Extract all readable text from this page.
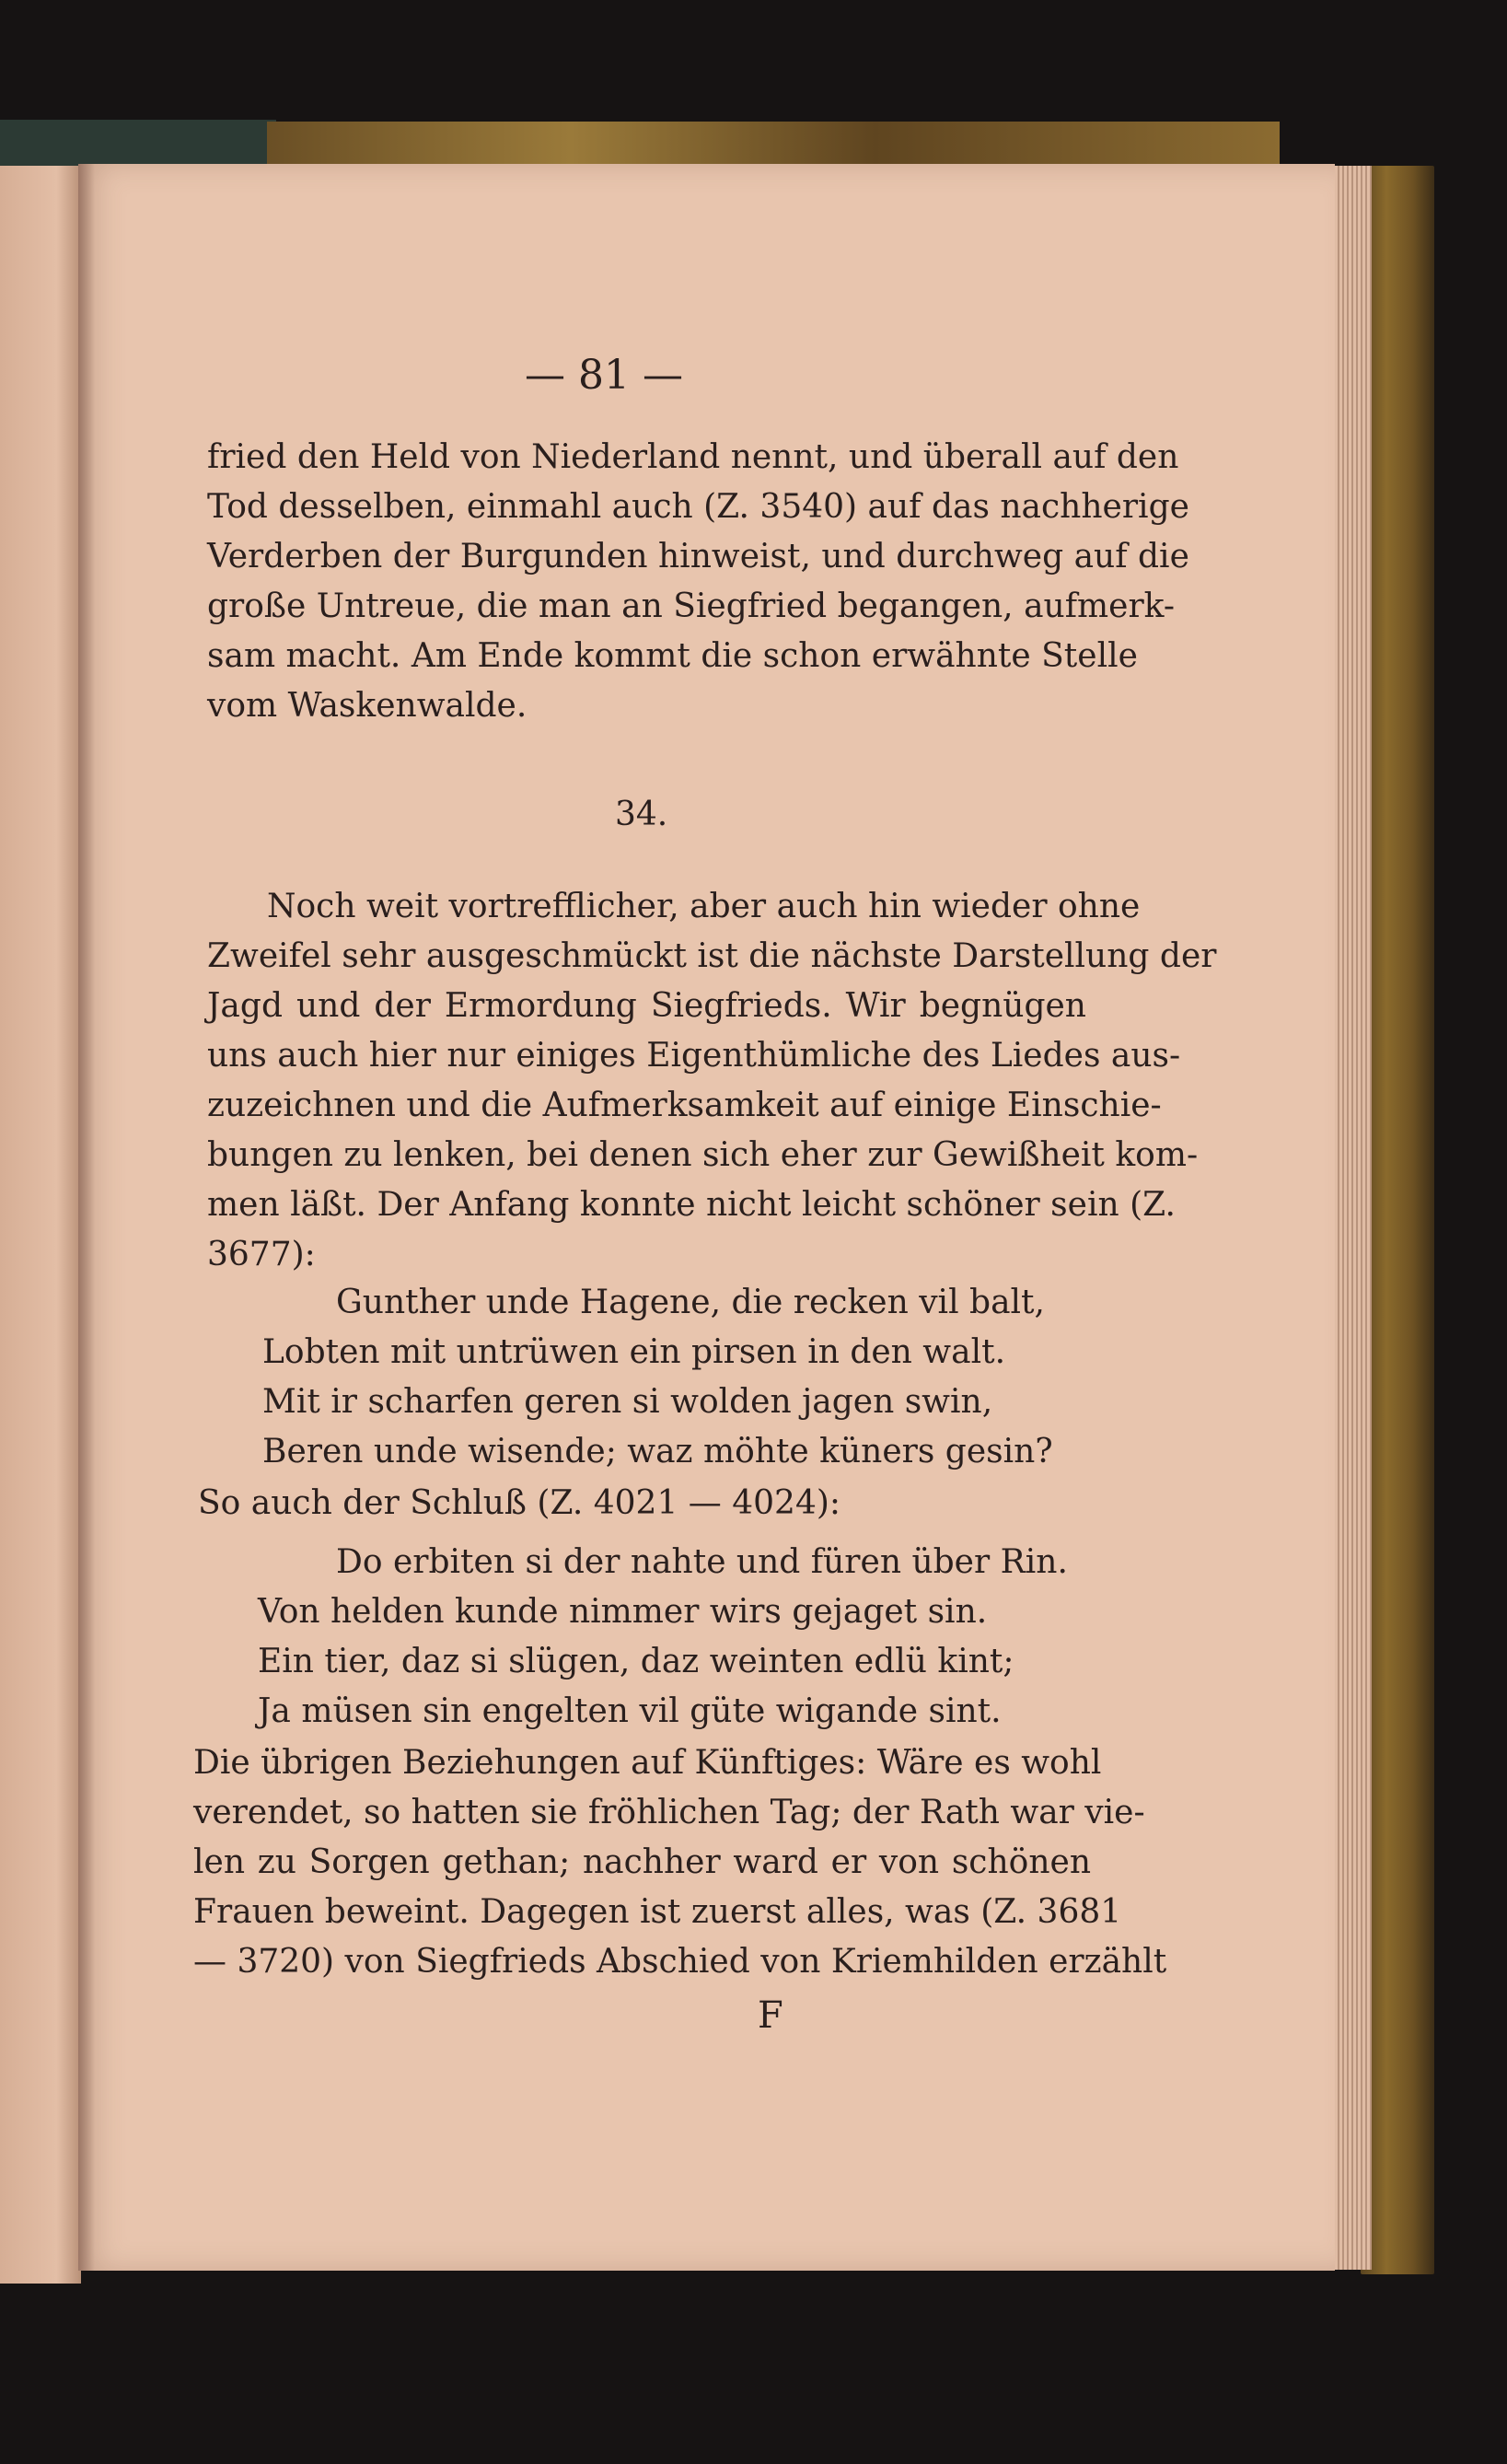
— 81 —
fried den Held von Niederland nennt, und überall auf den
Tod desselben, einmahl auch (Z. 3540) auf das nachherige
Verderben der Burgunden hinweist, und durchweg auf die
große Untreue, die man an Siegfried begangen, aufmerk-
sam macht. Am Ende kommt die schon erwähnte Stelle
vom Waskenwalde.
34.
Noch weit vortrefflicher, aber auch hin wieder ohne
Zweifel sehr ausgeschmückt ist die nächste Darstellung der
Jagd und der Ermordung Siegfrieds. Wir begnügen
uns auch hier nur einiges Eigenthümliche des Liedes aus-
zuzeichnen und die Aufmerksamkeit auf einige Einschie-
bungen zu lenken, bei denen sich eher zur Gewißheit kom-
men läßt. Der Anfang konnte nicht leicht schöner sein (Z.
3677):
Gunther unde Hagene, die recken vil balt,
Lobten mit untrüwen ein pirsen in den walt.
Mit ir scharfen geren si wolden jagen swin,
Beren unde wisende; waz möhte küners gesin?
So auch der Schluß (Z. 4021 — 4024):
Do erbiten si der nahte und füren über Rin.
Von helden kunde nimmer wirs gejaget sin.
Ein tier, daz si slügen, daz weinten edlü kint;
Ja müsen sin engelten vil güte wigande sint.
Die übrigen Beziehungen auf Künftiges: Wäre es wohl
verendet, so hatten sie fröhlichen Tag; der Rath war vie-
len zu Sorgen gethan; nachher ward er von schönen
Frauen beweint. Dagegen ist zuerst alles, was (Z. 3681
— 3720) von Siegfrieds Abschied von Kriemhilden erzählt
F
